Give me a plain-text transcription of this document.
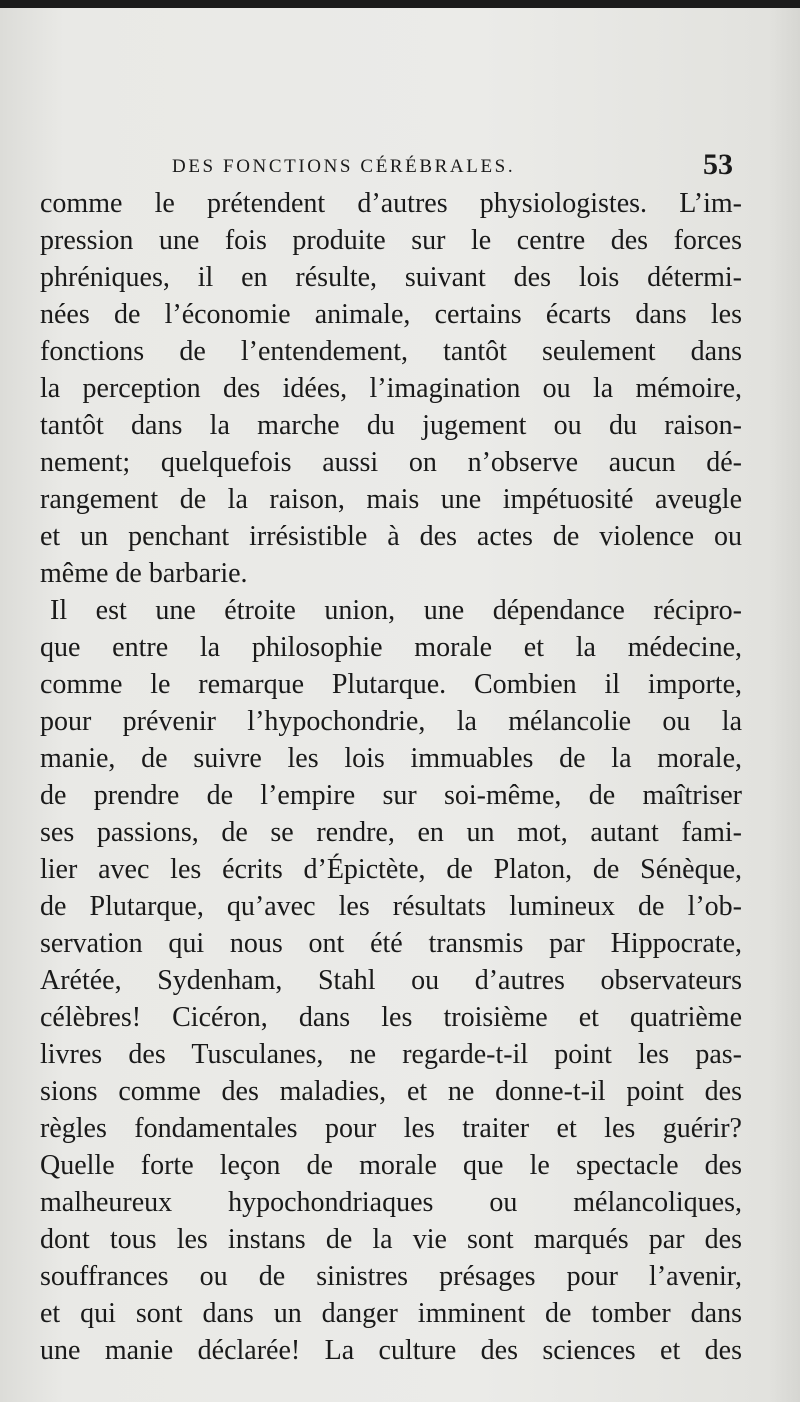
DES FONCTIONS CÉRÉBRALES.	53
comme le prétendent d’autres physiologistes. L’im-
pression une fois produite sur le centre des forces
phréniques, il en résulte, suivant des lois détermi-
nées de l’économie animale, certains écarts dans les
fonctions de l’entendement, tantôt seulement dans
la perception des idées, l’imagination ou la mémoire,
tantôt dans la marche du jugement ou du raison-
nement; quelquefois aussi on n’observe aucun dé-
rangement de la raison, mais une impétuosité aveugle
et un penchant irrésistible à des actes de violence ou
même de barbarie.
Il est une étroite union, une dépendance récipro-
que entre la philosophie morale et la médecine,
comme le remarque Plutarque. Combien il importe,
pour prévenir l’hypochondrie, la mélancolie ou la
manie, de suivre les lois immuables de la morale,
de prendre de l’empire sur soi-même, de maîtriser
ses passions, de se rendre, en un mot, autant fami-
lier avec les écrits d’Épictète, de Platon, de Sénèque,
de Plutarque, qu’avec les résultats lumineux de l’ob-
servation qui nous ont été transmis par Hippocrate,
Arétée, Sydenham, Stahl ou d’autres observateurs
célèbres! Cicéron, dans les troisième et quatrième
livres des Tusculanes, ne regarde-t-il point les pas-
sions comme des maladies, et ne donne-t-il point des
règles fondamentales pour les traiter et les guérir?
Quelle forte leçon de morale que le spectacle des
malheureux hypochondriaques ou mélancoliques,
dont tous les instans de la vie sont marqués par des
souffrances ou de sinistres présages pour l’avenir,
et qui sont dans un danger imminent de tomber dans
une manie déclarée! La culture des sciences et des
